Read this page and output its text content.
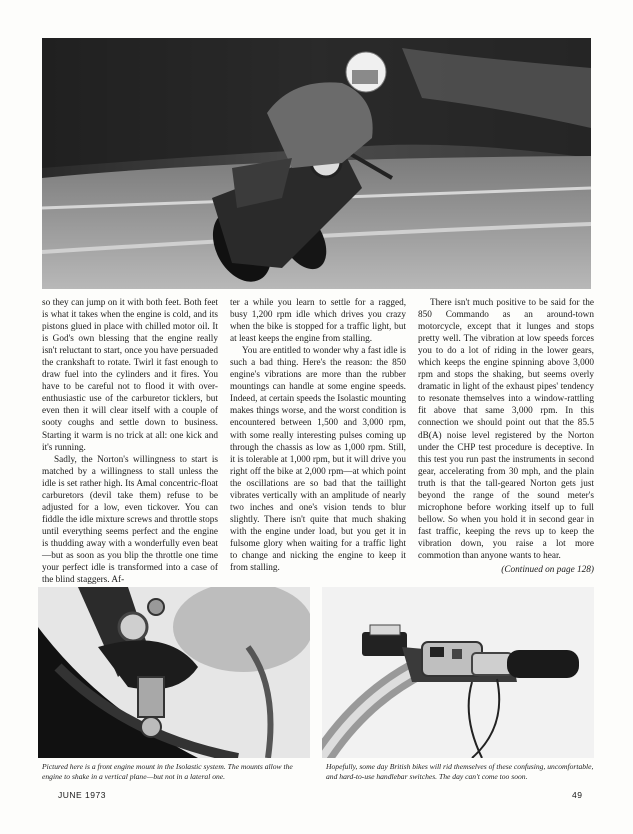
so they can jump on it with both feet. Both feet is what it takes when the engine is cold, and its pistons glued in place with chilled motor oil. It is God's own blessing that the engine really isn't reluctant to start, once you have persuaded the crankshaft to rotate. Twirl it fast enough to draw fuel into the cylinders and it fires. You have to be careful not to flood it with over-enthusiastic use of the carburetor ticklers, but even then it will clear itself with a couple of sooty coughs and settle down to business. Starting it warm is no trick at all: one kick and it's running.

Sadly, the Norton's willingness to start is matched by a willingness to stall unless the idle is set rather high. Its Amal concentric-float carburetors (devil take them) refuse to be adjusted for a low, even tickover. You can fiddle the idle mixture screws and throttle stops until everything seems perfect and the engine is thudding away with a wonderfully even beat—but as soon as you blip the throttle one time your perfect idle is transformed into a case of the blind staggers. Af-

ter a while you learn to settle for a ragged, busy 1,200 rpm idle which drives you crazy when the bike is stopped for a traffic light, but at least keeps the engine from stalling.

You are entitled to wonder why a fast idle is such a bad thing. Here's the reason: the 850 engine's vibrations are more than the rubber mountings can handle at some engine speeds. Indeed, at certain speeds the Isolastic mounting makes things worse, and the worst condition is encountered between 1,500 and 3,000 rpm, with some really interesting pulses coming up through the chassis as low as 1,000 rpm. Still, it is tolerable at 1,000 rpm, but it will drive you right off the bike at 2,000 rpm—at which point the oscillations are so bad that the taillight vibrates vertically with an amplitude of nearly two inches and one's vision tends to blur slightly. There isn't quite that much shaking with the engine under load, but you get it in fulsome glory when waiting for a traffic light to change and nicking the engine to keep it from stalling.

There isn't much positive to be said for the 850 Commando as an around-town motorcycle, except that it lunges and stops pretty well. The vibration at low speeds forces you to do a lot of riding in the lower gears, which keeps the engine spinning above 3,000 rpm and stops the shaking, but seems overly dramatic in light of the exhaust pipes' tendency to resonate themselves into a window-rattling fit above that same 3,000 rpm. In this connection we should point out that the 85.5 dB(A) noise level registered by the Norton under the CHP test procedure is deceptive. In this test you run past the instruments in second gear, accelerating from 30 mph, and the plain truth is that the tall-geared Norton gets just beyond the range of the sound meter's microphone before working itself up to full bellow. So when you hold it in second gear in fast traffic, keeping the revs up to keep the vibration down, you raise a lot more commotion than anyone wants to hear.

(Continued on page 128)
Pictured here is a front engine mount in the Isolastic system. The mounts allow the engine to shake in a vertical plane—but not in a lateral one.
Hopefully, some day British bikes will rid themselves of these confusing, uncomfortable, and hard-to-use handlebar switches. The day can't come too soon.
JUNE 1973	49
